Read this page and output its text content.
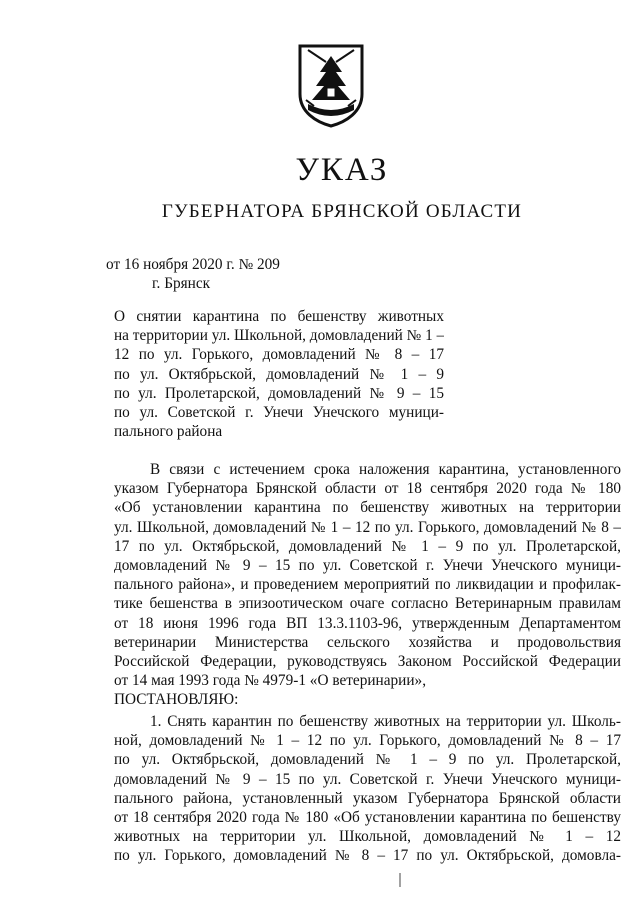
УКАЗ
ГУБЕРНАТОРА БРЯНСКОЙ ОБЛАСТИ
от 16 ноября 2020 г. № 209
г. Брянск
О снятии карантина по бешенству животных
на территории ул. Школьной, домовладений № 1 –
12 по ул. Горького, домовладений № 8 – 17
по ул. Октябрьской, домовладений № 1 – 9
по ул. Пролетарской, домовладений № 9 – 15
по ул. Советской г. Унечи Унечского муници-
пального района
В связи с истечением срока наложения карантина, установленного
указом Губернатора Брянской области от 18 сентября 2020 года № 180
«Об установлении карантина по бешенству животных на территории
ул. Школьной, домовладений № 1 – 12 по ул. Горького, домовладений № 8 –
17 по ул. Октябрьской, домовладений № 1 – 9 по ул. Пролетарской,
домовладений № 9 – 15 по ул. Советской г. Унечи Унечского муници-
пального района», и проведением мероприятий по ликвидации и профилак-
тике бешенства в эпизоотическом очаге согласно Ветеринарным правилам
от 18 июня 1996 года ВП 13.3.1103-96, утвержденным Департаментом
ветеринарии Министерства сельского хозяйства и продовольствия
Российской Федерации, руководствуясь Законом Российской Федерации
от 14 мая 1993 года № 4979-1 «О ветеринарии»,
ПОСТАНОВЛЯЮ:
1. Снять карантин по бешенству животных на территории ул. Школь-
ной, домовладений № 1 – 12 по ул. Горького, домовладений № 8 – 17
по ул. Октябрьской, домовладений № 1 – 9 по ул. Пролетарской,
домовладений № 9 – 15 по ул. Советской г. Унечи Унечского муници-
пального района, установленный указом Губернатора Брянской области
от 18 сентября 2020 года № 180 «Об установлении карантина по бешенству
животных на территории ул. Школьной, домовладений № 1 – 12
по ул. Горького, домовладений № 8 – 17 по ул. Октябрьской, домовла-
